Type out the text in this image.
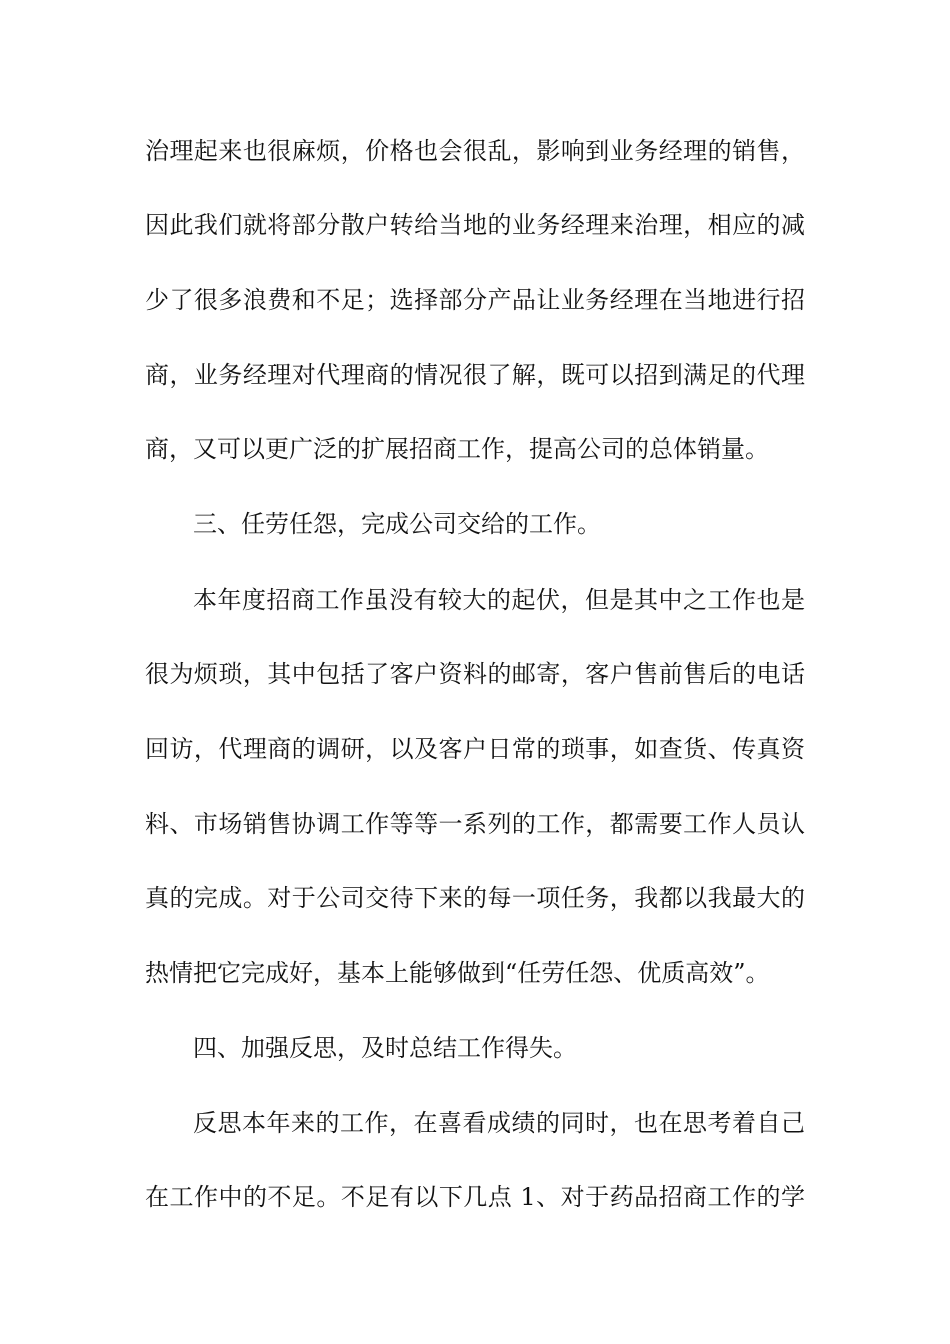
治理起来也很麻烦，价格也会很乱，影响到业务经理的销售，
因此我们就将部分散户转给当地的业务经理来治理，相应的减
少了很多浪费和不足；选择部分产品让业务经理在当地进行招
商，业务经理对代理商的情况很了解，既可以招到满足的代理
商，又可以更广泛的扩展招商工作，提高公司的总体销量。
三、任劳任怨，完成公司交给的工作。
本年度招商工作虽没有较大的起伏，但是其中之工作也是
很为烦琐，其中包括了客户资料的邮寄，客户售前售后的电话
回访，代理商的调研，以及客户日常的琐事，如查货、传真资
料、市场销售协调工作等等一系列的工作，都需要工作人员认
真的完成。对于公司交待下来的每一项任务，我都以我最大的
热情把它完成好，基本上能够做到“任劳任怨、优质高效”。
四、加强反思，及时总结工作得失。
反思本年来的工作，在喜看成绩的同时，也在思考着自己
在工作中的不足。不足有以下几点 1、对于药品招商工作的学
